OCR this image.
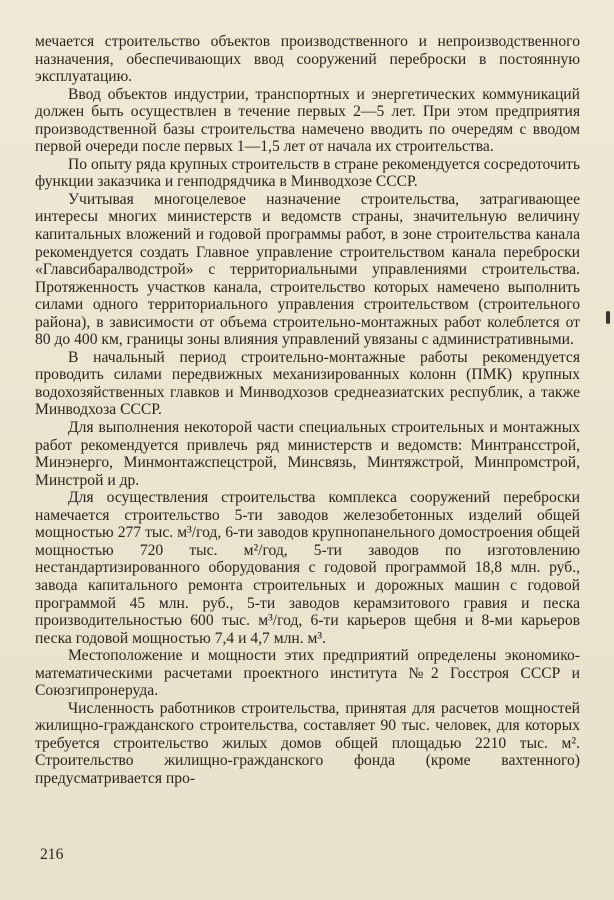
мечается строительство объектов производственного и непроизводственного назначения, обеспечивающих ввод сооружений переброски в постоянную эксплуатацию.

Ввод объектов индустрии, транспортных и энергетических коммуникаций должен быть осуществлен в течение первых 2—5 лет. При этом предприятия производственной базы строительства намечено вводить по очередям с вводом первой очереди после первых 1—1,5 лет от начала их строительства.

По опыту ряда крупных строительств в стране рекомендуется сосредоточить функции заказчика и генподрядчика в Минводхозе СССР.

Учитывая многоцелевое назначение строительства, затрагивающее интересы многих министерств и ведомств страны, значительную величину капитальных вложений и годовой программы работ, в зоне строительства канала рекомендуется создать Главное управление строительством канала переброски «Главсибаралводстрой» с территориальными управлениями строительства. Протяженность участков канала, строительство которых намечено выполнить силами одного территориального управления строительством (строительного района), в зависимости от объема строительно-монтажных работ колеблется от 80 до 400 км, границы зоны влияния управлений увязаны с административными.

В начальный период строительно-монтажные работы рекомендуется проводить силами передвижных механизированных колонн (ПМК) крупных водохозяйственных главков и Минводхозов среднеазиатских республик, а также Минводхоза СССР.

Для выполнения некоторой части специальных строительных и монтажных работ рекомендуется привлечь ряд министерств и ведомств: Минтрансстрой, Минэнерго, Минмонтажспецстрой, Минсвязь, Минтяжстрой, Минпромстрой, Минстрой и др.

Для осуществления строительства комплекса сооружений переброски намечается строительство 5-ти заводов железобетонных изделий общей мощностью 277 тыс. м³/год, 6-ти заводов крупнопанельного домостроения общей мощностью 720 тыс. м²/год, 5-ти заводов по изготовлению нестандартизированного оборудования с годовой программой 18,8 млн. руб., завода капитального ремонта строительных и дорожных машин с годовой программой 45 млн. руб., 5-ти заводов керамзитового гравия и песка производительностью 600 тыс. м³/год, 6-ти карьеров щебня и 8-ми карьеров песка годовой мощностью 7,4 и 4,7 млн. м³.

Местоположение и мощности этих предприятий определены экономико-математическими расчетами проектного института №2 Госстроя СССР и Союзгипронеруда.

Численность работников строительства, принятая для расчетов мощностей жилищно-гражданского строительства, составляет 90 тыс. человек, для которых требуется строительство жилых домов общей площадью 2210 тыс. м². Строительство жилищно-гражданского фонда (кроме вахтенного) предусматривается про-

216
